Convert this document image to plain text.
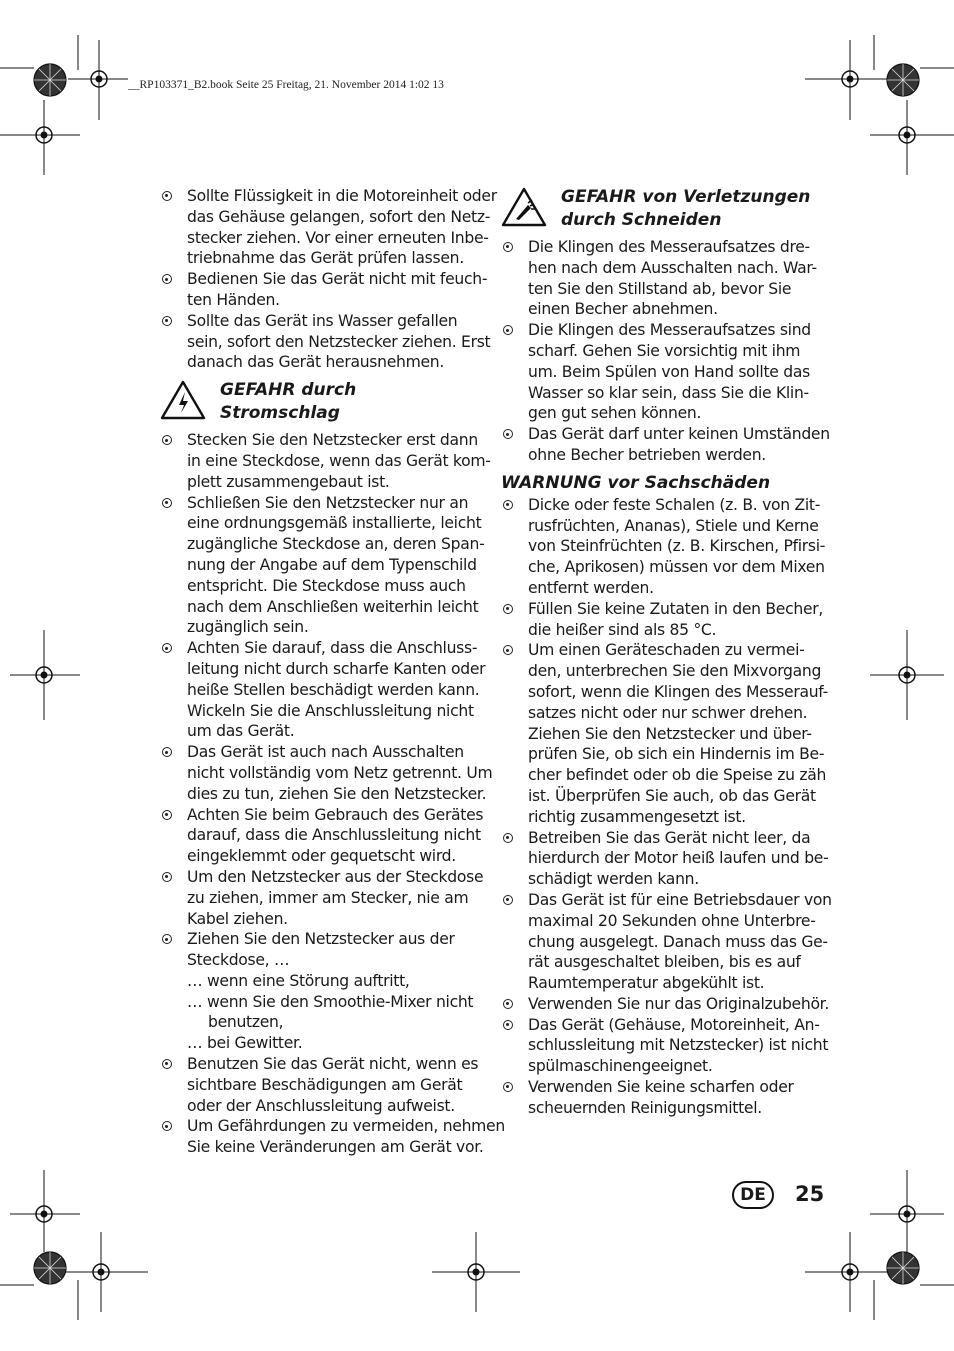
__RP103371_B2.book Seite 25 Freitag, 21. November 2014 1:02 13
Sollte Flüssigkeit in die Motoreinheit oder
das Gehäuse gelangen, sofort den Netz-
stecker ziehen. Vor einer erneuten Inbe-
triebnahme das Gerät prüfen lassen.
Bedienen Sie das Gerät nicht mit feuch-
ten Händen.
Sollte das Gerät ins Wasser gefallen
sein, sofort den Netzstecker ziehen. Erst
danach das Gerät herausnehmen.
GEFAHR durch
Stromschlag
Stecken Sie den Netzstecker erst dann
in eine Steckdose, wenn das Gerät kom-
plett zusammengebaut ist.
Schließen Sie den Netzstecker nur an
eine ordnungsgemäß installierte, leicht
zugängliche Steckdose an, deren Span-
nung der Angabe auf dem Typenschild
entspricht. Die Steckdose muss auch
nach dem Anschließen weiterhin leicht
zugänglich sein.
Achten Sie darauf, dass die Anschluss-
leitung nicht durch scharfe Kanten oder
heiße Stellen beschädigt werden kann.
Wickeln Sie die Anschlussleitung nicht
um das Gerät.
Das Gerät ist auch nach Ausschalten
nicht vollständig vom Netz getrennt. Um
dies zu tun, ziehen Sie den Netzstecker.
Achten Sie beim Gebrauch des Gerätes
darauf, dass die Anschlussleitung nicht
eingeklemmt oder gequetscht wird.
Um den Netzstecker aus der Steckdose
zu ziehen, immer am Stecker, nie am
Kabel ziehen.
Ziehen Sie den Netzstecker aus der
Steckdose, …
… wenn eine Störung auftritt,
… wenn Sie den Smoothie-Mixer nicht
benutzen,
… bei Gewitter.
Benutzen Sie das Gerät nicht, wenn es
sichtbare Beschädigungen am Gerät
oder der Anschlussleitung aufweist.
Um Gefährdungen zu vermeiden, nehmen
Sie keine Veränderungen am Gerät vor.
GEFAHR von Verletzungen
durch Schneiden
Die Klingen des Messeraufsatzes dre-
hen nach dem Ausschalten nach. War-
ten Sie den Stillstand ab, bevor Sie
einen Becher abnehmen.
Die Klingen des Messeraufsatzes sind
scharf. Gehen Sie vorsichtig mit ihm
um. Beim Spülen von Hand sollte das
Wasser so klar sein, dass Sie die Klin-
gen gut sehen können.
Das Gerät darf unter keinen Umständen
ohne Becher betrieben werden.
WARNUNG vor Sachschäden
Dicke oder feste Schalen (z. B. von Zit-
rusfrüchten, Ananas), Stiele und Kerne
von Steinfrüchten (z. B. Kirschen, Pfirsi-
che, Aprikosen) müssen vor dem Mixen
entfernt werden.
Füllen Sie keine Zutaten in den Becher,
die heißer sind als 85 °C.
Um einen Geräteschaden zu vermei-
den, unterbrechen Sie den Mixvorgang
sofort, wenn die Klingen des Messerauf-
satzes nicht oder nur schwer drehen.
Ziehen Sie den Netzstecker und über-
prüfen Sie, ob sich ein Hindernis im Be-
cher befindet oder ob die Speise zu zäh
ist. Überprüfen Sie auch, ob das Gerät
richtig zusammengesetzt ist.
Betreiben Sie das Gerät nicht leer, da
hierdurch der Motor heiß laufen und be-
schädigt werden kann.
Das Gerät ist für eine Betriebsdauer von
maximal 20 Sekunden ohne Unterbre-
chung ausgelegt. Danach muss das Ge-
rät ausgeschaltet bleiben, bis es auf
Raumtemperatur abgekühlt ist.
Verwenden Sie nur das Originalzubehör.
Das Gerät (Gehäuse, Motoreinheit, An-
schlussleitung mit Netzstecker) ist nicht
spülmaschinengeeignet.
Verwenden Sie keine scharfen oder
scheuernden Reinigungsmittel.
DE	25
